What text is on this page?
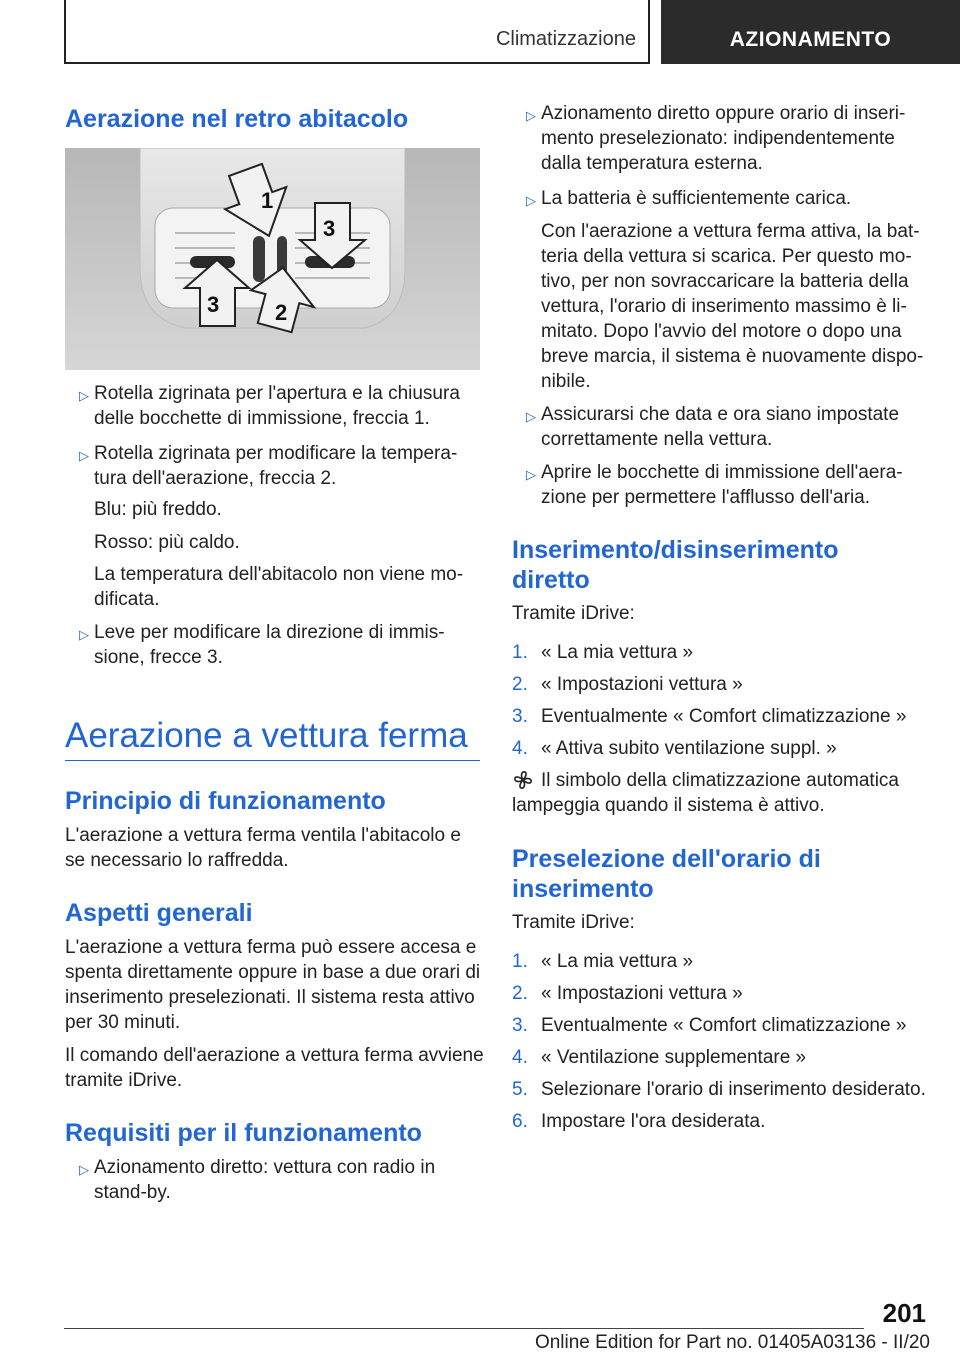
Climatizzazione	AZIONAMENTO
Aerazione nel retro abitacolo
1
3
3	2
▷ Rotella zigrinata per l'apertura e la chiusura
delle bocchette di immissione, freccia 1.
▷ Rotella zigrinata per modificare la tempera‐
tura dell'aerazione, freccia 2.
Blu: più freddo.
Rosso: più caldo.
La temperatura dell'abitacolo non viene mo‐
dificata.
▷ Leve per modificare la direzione di immis‐
sione, frecce 3.
Aerazione a vettura ferma
Principio di funzionamento
L'aerazione a vettura ferma ventila l'abitacolo e
se necessario lo raffredda.
Aspetti generali
L'aerazione a vettura ferma può essere accesa e
spenta direttamente oppure in base a due orari di
inserimento preselezionati. Il sistema resta attivo
per 30 minuti.
Il comando dell'aerazione a vettura ferma avviene
tramite iDrive.
Requisiti per il funzionamento
▷ Azionamento diretto: vettura con radio in
stand-by.
▷ Azionamento diretto oppure orario di inseri‐
mento preselezionato: indipendentemente
dalla temperatura esterna.
▷ La batteria è sufficientemente carica.
Con l'aerazione a vettura ferma attiva, la bat‐
teria della vettura si scarica. Per questo mo‐
tivo, per non sovraccaricare la batteria della
vettura, l'orario di inserimento massimo è li‐
mitato. Dopo l'avvio del motore o dopo una
breve marcia, il sistema è nuovamente dispo‐
nibile.
▷ Assicurarsi che data e ora siano impostate
correttamente nella vettura.
▷ Aprire le bocchette di immissione dell'aera‐
zione per permettere l'afflusso dell'aria.
Inserimento/disinserimento
diretto
Tramite iDrive:
1. « La mia vettura »
2. « Impostazioni vettura »
3. Eventualmente « Comfort climatizzazione »
4. « Attiva subito ventilazione suppl. »
Il simbolo della climatizzazione automatica
lampeggia quando il sistema è attivo.
Preselezione dell'orario di
inserimento
Tramite iDrive:
1. « La mia vettura »
2. « Impostazioni vettura »
3. Eventualmente « Comfort climatizzazione »
4. « Ventilazione supplementare »
5. Selezionare l'orario di inserimento desiderato.
6. Impostare l'ora desiderata.
201
Online Edition for Part no. 01405A03136 - II/20
